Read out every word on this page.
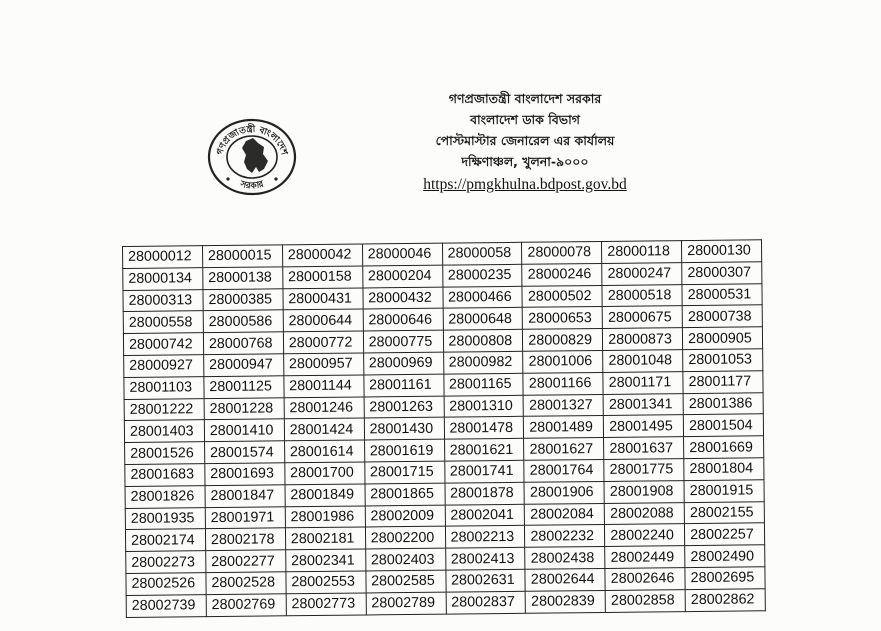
গণপ্রজাতন্ত্রী বাংলাদেশ
সরকার
গণপ্রজাতন্ত্রী বাংলাদেশ সরকার
বাংলাদেশ ডাক বিভাগ
পোস্টমাস্টার জেনারেল এর কার্যালয়
দক্ষিণাঞ্চল, খুলনা-৯০০০
https://pmgkhulna.bdpost.gov.bd
28000012	28000015	28000042	28000046	28000058	28000078	28000118	28000130
28000134	28000138	28000158	28000204	28000235	28000246	28000247	28000307
28000313	28000385	28000431	28000432	28000466	28000502	28000518	28000531
28000558	28000586	28000644	28000646	28000648	28000653	28000675	28000738
28000742	28000768	28000772	28000775	28000808	28000829	28000873	28000905
28000927	28000947	28000957	28000969	28000982	28001006	28001048	28001053
28001103	28001125	28001144	28001161	28001165	28001166	28001171	28001177
28001222	28001228	28001246	28001263	28001310	28001327	28001341	28001386
28001403	28001410	28001424	28001430	28001478	28001489	28001495	28001504
28001526	28001574	28001614	28001619	28001621	28001627	28001637	28001669
28001683	28001693	28001700	28001715	28001741	28001764	28001775	28001804
28001826	28001847	28001849	28001865	28001878	28001906	28001908	28001915
28001935	28001971	28001986	28002009	28002041	28002084	28002088	28002155
28002174	28002178	28002181	28002200	28002213	28002232	28002240	28002257
28002273	28002277	28002341	28002403	28002413	28002438	28002449	28002490
28002526	28002528	28002553	28002585	28002631	28002644	28002646	28002695
28002739	28002769	28002773	28002789	28002837	28002839	28002858	28002862
